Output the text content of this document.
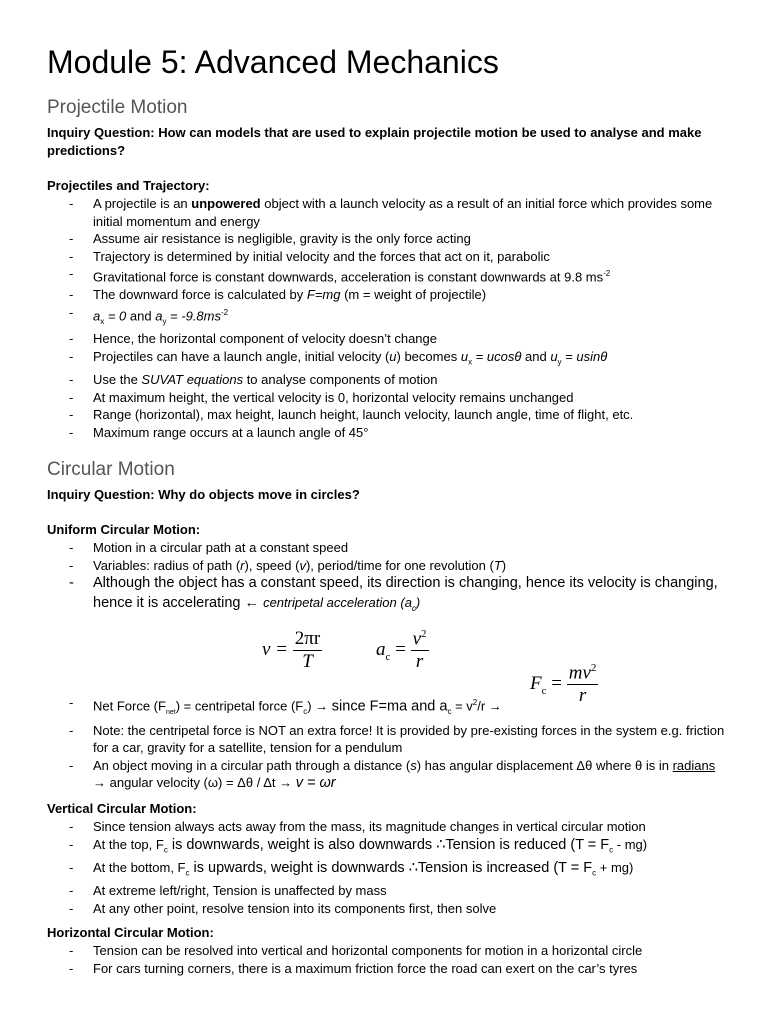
Module 5: Advanced Mechanics
Projectile Motion
Inquiry Question: How can models that are used to explain projectile motion be used to analyse and make predictions?
Projectiles and Trajectory:
- A projectile is an unpowered object with a launch velocity as a result of an initial force which provides some initial momentum and energy
- Assume air resistance is negligible, gravity is the only force acting
- Trajectory is determined by initial velocity and the forces that act on it, parabolic
- Gravitational force is constant downwards, acceleration is constant downwards at 9.8 $ms^{-2}$
- The downward force is calculated by F=mg (m = weight of projectile)
- $a_x = 0$ and $a_y = -9.8ms^{-2}$
- Hence, the horizontal component of velocity doesn’t change
- Projectiles can have a launch angle, initial velocity (u) becomes $u_x = ucos\theta$ and $u_y = usin\theta$
- Use the SUVAT equations to analyse components of motion
- At maximum height, the vertical velocity is 0, horizontal velocity remains unchanged
- Range (horizontal), max height, launch height, launch velocity, launch angle, time of flight, etc.
- Maximum range occurs at a launch angle of 45°
Circular Motion
Inquiry Question: Why do objects move in circles?
Uniform Circular Motion:
- Motion in a circular path at a constant speed
- Variables: radius of path (r), speed (v), period/time for one revolution (T)
- Although the object has a constant speed, its direction is changing, hence its velocity is changing, hence it is accelerating ← centripetal acceleration $(a_c)$
$v = \frac{2\pi r}{T}$	$a_c = \frac{v^2}{r}$
$F_c = \frac{mv^2}{r}$
- Net Force $(F_{net})$ = centripetal force $(F_c)$ → since F=ma and $a_c = v^2/r$ →
- Note: the centripetal force is NOT an extra force! It is provided by pre-existing forces in the system e.g. friction for a car, gravity for a satellite, tension for a pendulum
- An object moving in a circular path through a distance (s) has angular displacement Δθ where θ is in radians → angular velocity (ω) = Δθ / Δt → v = ωr
Vertical Circular Motion:
- Since tension always acts away from the mass, its magnitude changes in vertical circular motion
- At the top, $F_c$ is downwards, weight is also downwards ∴Tension is reduced $(T = F_c - mg)$
- At the bottom, $F_c$ is upwards, weight is downwards ∴Tension is increased $(T = F_c + mg)$
- At extreme left/right, Tension is unaffected by mass
- At any other point, resolve tension into its components first, then solve
Horizontal Circular Motion:
- Tension can be resolved into vertical and horizontal components for motion in a horizontal circle
- For cars turning corners, there is a maximum friction force the road can exert on the car’s tyres
